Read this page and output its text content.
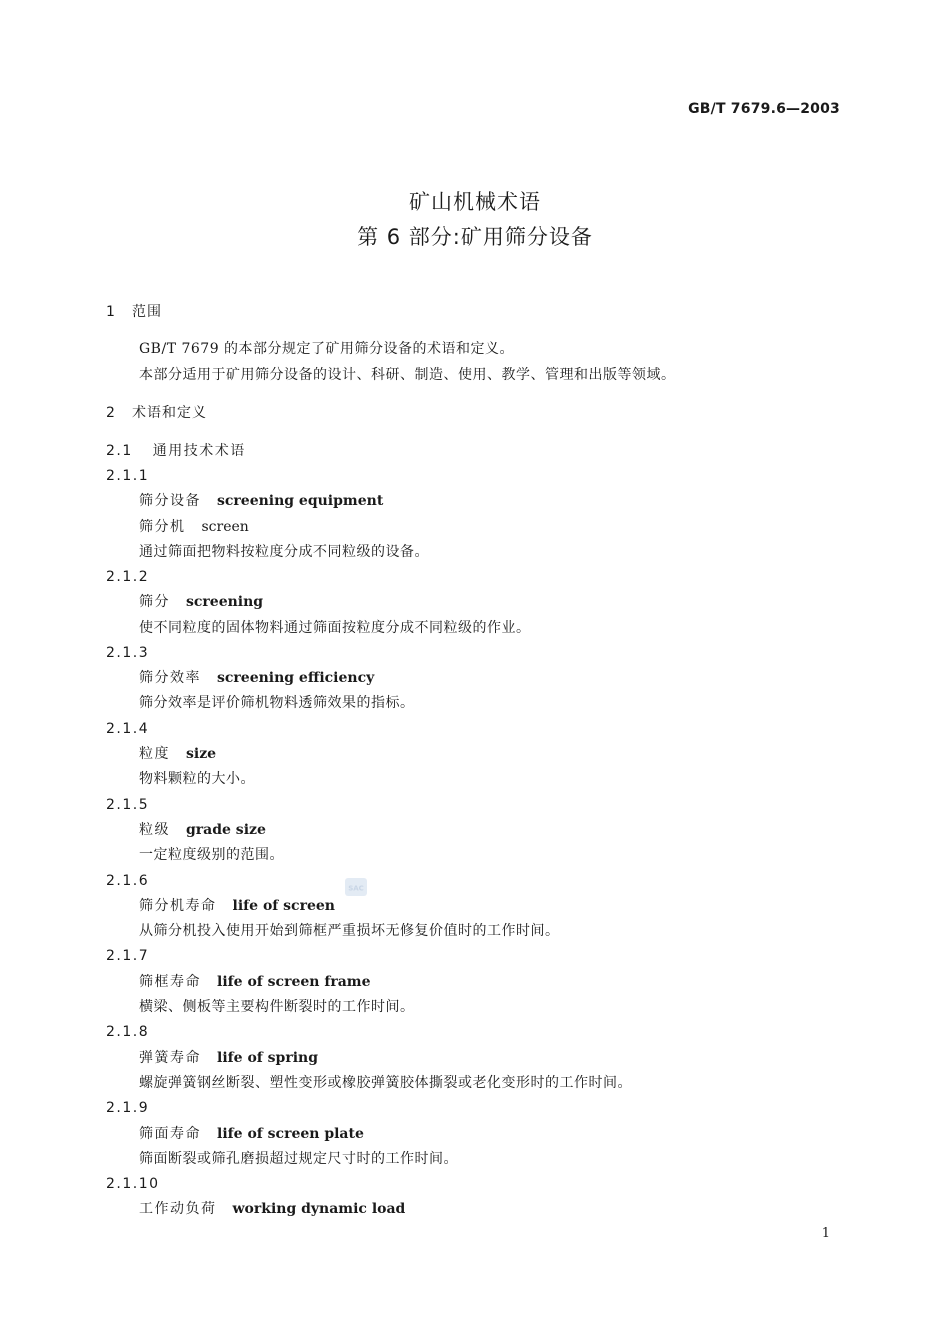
GB/T 7679.6—2003
矿山机械术语
第 6 部分:矿用筛分设备
1 范围
GB/T 7679 的本部分规定了矿用筛分设备的术语和定义。
本部分适用于矿用筛分设备的设计、科研、制造、使用、教学、管理和出版等领域。
2 术语和定义
2.1 通用技术术语
2.1.1
筛分设备 screening equipment
筛分机 screen
通过筛面把物料按粒度分成不同粒级的设备。
2.1.2
筛分 screening
使不同粒度的固体物料通过筛面按粒度分成不同粒级的作业。
2.1.3
筛分效率 screening efficiency
筛分效率是评价筛机物料透筛效果的指标。
2.1.4
粒度 size
物料颗粒的大小。
2.1.5
粒级 grade size
一定粒度级别的范围。
2.1.6
筛分机寿命 life of screen
从筛分机投入使用开始到筛框严重损坏无修复价值时的工作时间。
2.1.7
筛框寿命 life of screen frame
横梁、侧板等主要构件断裂时的工作时间。
2.1.8
弹簧寿命 life of spring
螺旋弹簧钢丝断裂、塑性变形或橡胶弹簧胶体撕裂或老化变形时的工作时间。
2.1.9
筛面寿命 life of screen plate
筛面断裂或筛孔磨损超过规定尺寸时的工作时间。
2.1.10
工作动负荷 working dynamic load
SAC
1
